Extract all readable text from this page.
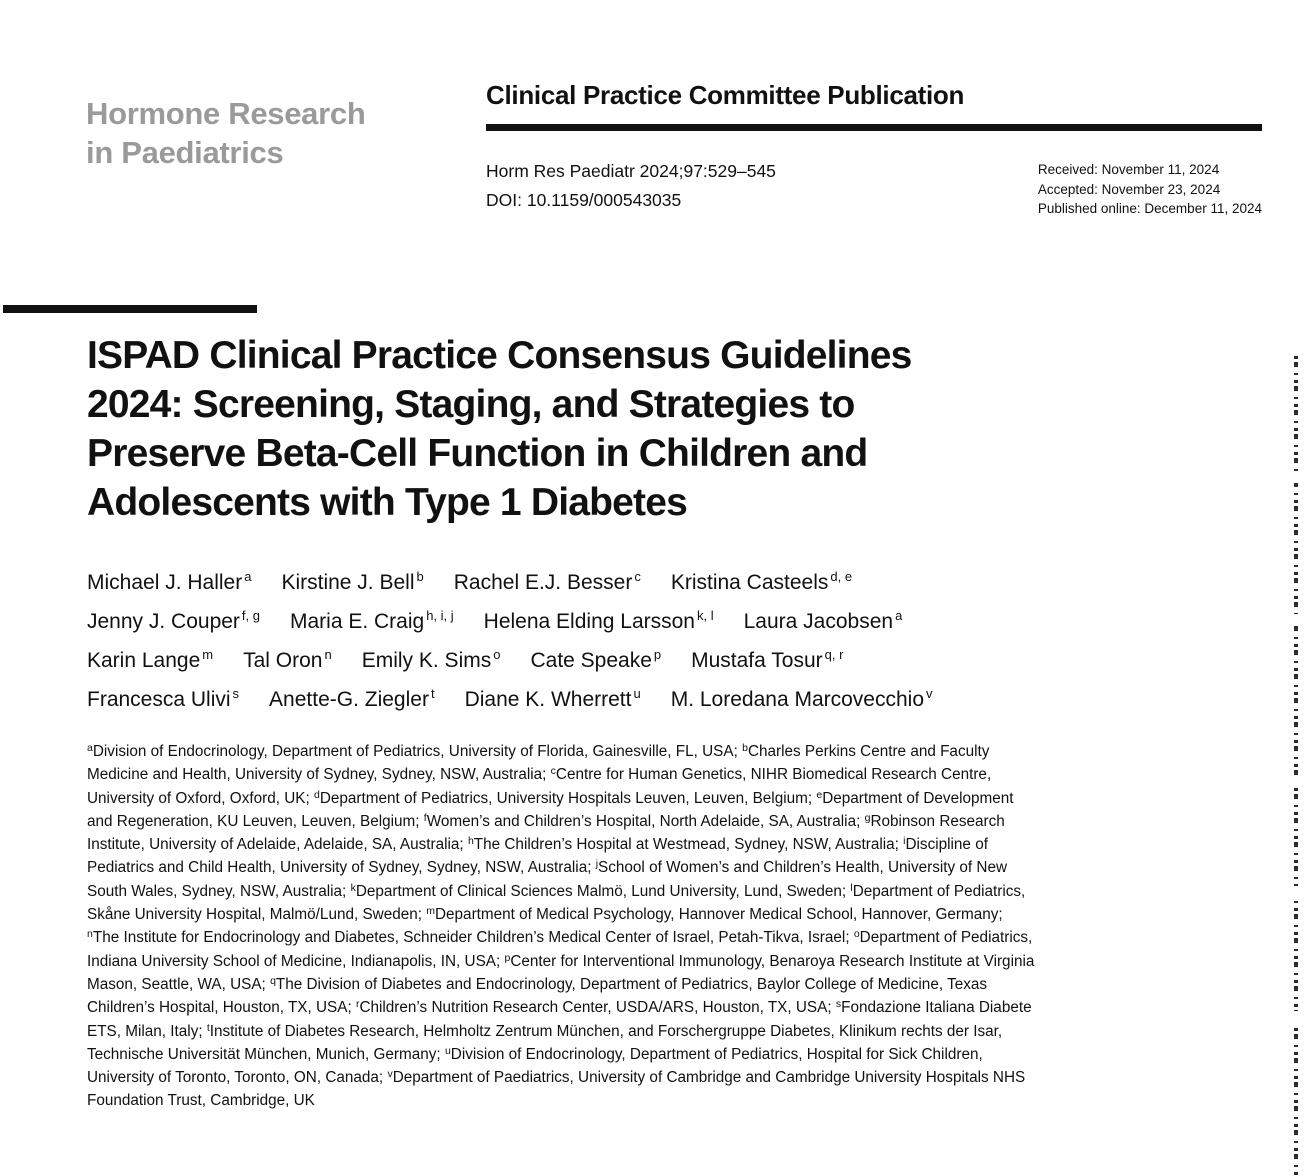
Hormone Research
in Paediatrics
Clinical Practice Committee Publication
Horm Res Paediatr 2024;97:529–545
DOI: 10.1159/000543035
Received: November 11, 2024
Accepted: November 23, 2024
Published online: December 11, 2024
ISPAD Clinical Practice Consensus Guidelines
2024: Screening, Staging, and Strategies to
Preserve Beta-Cell Function in Children and
Adolescents with Type 1 Diabetes
Michael J. Haller $^a$ Kirstine J. Bell $^b$ Rachel E.J. Besser $^c$ Kristina Casteels $^{d, e}$
Jenny J. Couper $^{f, g}$ Maria E. Craig $^{h, i, j}$ Helena Elding Larsson $^{k, l}$ Laura Jacobsen $^a$
Karin Lange $^m$ Tal Oron $^n$ Emily K. Sims $^o$ Cate Speake $^p$ Mustafa Tosur $^{q, r}$
Francesca Ulivi $^s$ Anette-G. Ziegler $^t$ Diane K. Wherrett $^u$ M. Loredana Marcovecchio $^v$

$^a$Division of Endocrinology, Department of Pediatrics, University of Florida, Gainesville, FL, USA; $^b$Charles Perkins Centre and Faculty Medicine and Health, University of Sydney, Sydney, NSW, Australia; $^c$Centre for Human Genetics, NIHR Biomedical Research Centre, University of Oxford, Oxford, UK; $^d$Department of Pediatrics, University Hospitals Leuven, Leuven, Belgium; $^e$Department of Development and Regeneration, KU Leuven, Leuven, Belgium; $^f$Women’s and Children’s Hospital, North Adelaide, SA, Australia; $^g$Robinson Research Institute, University of Adelaide, Adelaide, SA, Australia; $^h$The Children’s Hospital at Westmead, Sydney, NSW, Australia; $^i$Discipline of Pediatrics and Child Health, University of Sydney, Sydney, NSW, Australia; $^j$School of Women’s and Children’s Health, University of New South Wales, Sydney, NSW, Australia; $^k$Department of Clinical Sciences Malmö, Lund University, Lund, Sweden; $^l$Department of Pediatrics, Skåne University Hospital, Malmö/Lund, Sweden; $^m$Department of Medical Psychology, Hannover Medical School, Hannover, Germany; $^n$The Institute for Endocrinology and Diabetes, Schneider Children’s Medical Center of Israel, Petah-Tikva, Israel; $^o$Department of Pediatrics, Indiana University School of Medicine, Indianapolis, IN, USA; $^p$Center for Interventional Immunology, Benaroya Research Institute at Virginia Mason, Seattle, WA, USA; $^q$The Division of Diabetes and Endocrinology, Department of Pediatrics, Baylor College of Medicine, Texas Children’s Hospital, Houston, TX, USA; $^r$Children’s Nutrition Research Center, USDA/ARS, Houston, TX, USA; $^s$Fondazione Italiana Diabete ETS, Milan, Italy; $^t$Institute of Diabetes Research, Helmholtz Zentrum München, and Forschergruppe Diabetes, Klinikum rechts der Isar, Technische Universität München, Munich, Germany; $^u$Division of Endocrinology, Department of Pediatrics, Hospital for Sick Children, University of Toronto, Toronto, ON, Canada; $^v$Department of Paediatrics, University of Cambridge and Cambridge University Hospitals NHS Foundation Trust, Cambridge, UK
